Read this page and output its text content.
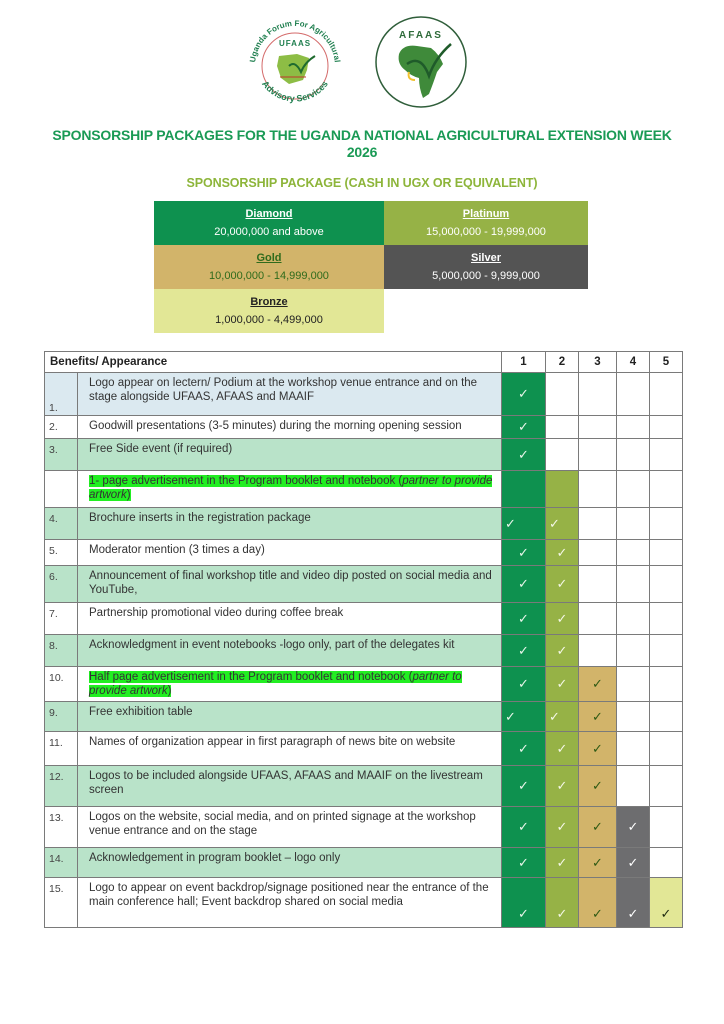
Uganda Forum For Agricultural
UFAAS
Advisory Services
AFAAS
SPONSORSHIP PACKAGES FOR THE UGANDA NATIONAL AGRICULTURAL EXTENSION WEEK
2026
SPONSORSHIP PACKAGE (CASH IN UGX OR EQUIVALENT)
Diamond
20,000,000 and above
Platinum
15,000,000 - 19,999,000
Gold
10,000,000 - 14,999,000
Silver
5,000,000 - 9,999,000
Bronze
1,000,000 - 4,499,000
Benefits/ Appearance		1	2	3	4	5
1.	Logo appear on lectern/ Podium at the workshop venue entrance and on the stage alongside UFAAS, AFAAS and MAAIF	✓				
2.	Goodwill presentations (3-5 minutes) during the morning opening session	✓				
3.	Free Side event (if required)	✓				
	1- page advertisement in the Program booklet and notebook (partner to provide artwork)					
4.	Brochure inserts in the registration package	✓	✓			
5.	Moderator mention (3 times a day)	✓	✓			
6.	Announcement of final workshop title and video dip posted on social media and YouTube,	✓	✓			
7.	Partnership promotional video during coffee break	✓	✓			
8.	Acknowledgment in event notebooks -logo only, part of the delegates kit	✓	✓			
10.	Half page advertisement in the Program booklet and notebook (partner to provide artwork)	✓	✓	✓		
9.	Free exhibition table	✓	✓	✓		
11.	Names of organization appear in first paragraph of news bite on website	✓	✓	✓		
12.	Logos to be included alongside UFAAS, AFAAS and MAAIF on the livestream screen	✓	✓	✓		
13.	Logos on the website, social media, and on printed signage at the workshop venue entrance and on the stage	✓	✓	✓	✓	
14.	Acknowledgement in program booklet – logo only	✓	✓	✓	✓	
15.	Logo to appear on event backdrop/signage positioned near the entrance of the main conference hall; Event backdrop shared on social media	✓	✓	✓	✓	✓
